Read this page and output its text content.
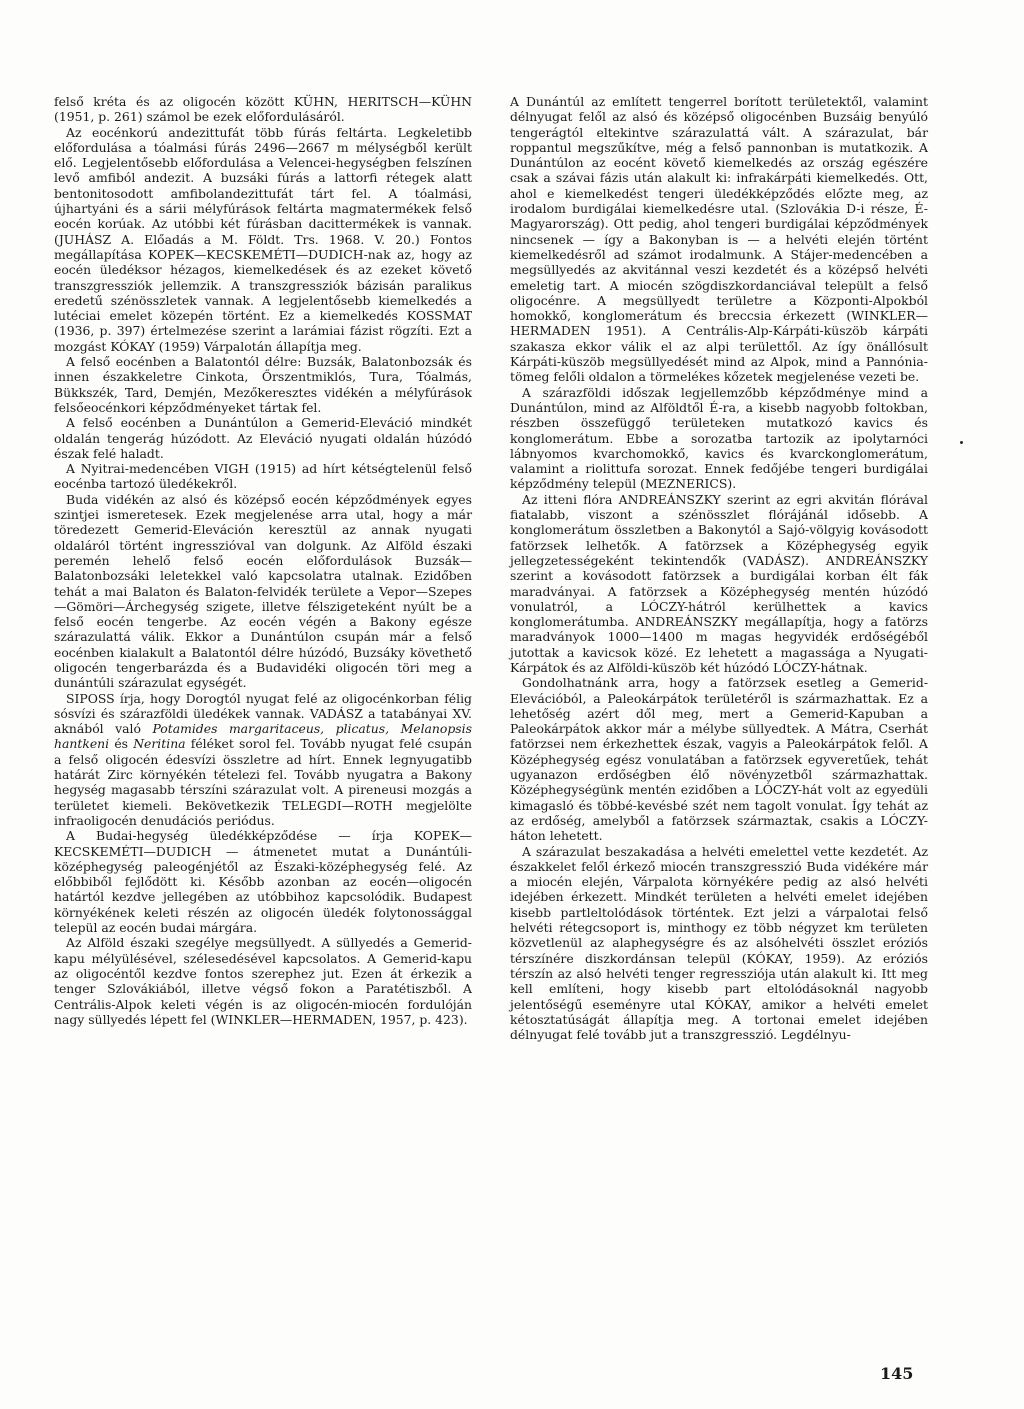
felső kréta és az oligocén között KÜHN, HERITSCH—KÜHN (1951, p. 261) számol be ezek előfordulásáról.

Az eocénkorú andezittufát több fúrás feltárta. Legkeletibb előfordulása a tóalmási fúrás 2496—2667 m mélységből került elő. Legjelentősebb előfordulása a Velencei-hegységben felszínen levő amfiból andezit. A buzsáki fúrás a lattorfi rétegek alatt bentonitosodott amfibolandezittufát tárt fel. A tóalmási, újhartyáni és a sárii mélyfúrások feltárta magmatermékek felső eocén korúak. Az utóbbi két fúrásban dacittermékek is vannak. (JUHÁSZ A. Előadás a M. Földt. Trs. 1968. V. 20.) Fontos megállapítása KOPEK—KECSKEMÉTI—DUDICH-nak az, hogy az eocén üledéksor hézagos, kiemelkedések és az ezeket követő transzgressziók jellemzik. A transzgressziók bázisán paralikus eredetű szénösszletek vannak. A legjelentősebb kiemelkedés a lutéciai emelet közepén történt. Ez a kiemelkedés KOSSMAT (1936, p. 397) értelmezése szerint a larámiai fázist rögzíti. Ezt a mozgást KÓKAY (1959) Várpalotán állapítja meg.

A felső eocénben a Balatontól délre: Buzsák, Balatonbozsák és innen északkeletre Cinkota, Őrszentmiklós, Tura, Tóalmás, Bükkszék, Tard, Demjén, Mezőkeresztes vidékén a mélyfúrások felsőeocénkori képződményeket tártak fel.

A felső eocénben a Dunántúlon a Gemerid-Eleváció mindkét oldalán tengerág húzódott. Az Eleváció nyugati oldalán húzódó észak felé haladt.

A Nyitrai-medencében VIGH (1915) ad hírt kétségtelenül felső eocénba tartozó üledékekről.

Buda vidékén az alsó és középső eocén képződmények egyes szintjei ismeretesek. Ezek megjelenése arra utal, hogy a már töredezett Gemerid-Eleváción keresztül az annak nyugati oldaláról történt ingresszióval van dolgunk. Az Alföld északi peremén lehelő felső eocén előfordulások Buzsák—Balatonbozsáki leletekkel való kapcsolatra utalnak. Ezidőben tehát a mai Balaton és Balaton-felvidék területe a Vepor—Szepes—Gömöri—Árchegység szigete, illetve félszigeteként nyúlt be a felső eocén tengerbe. Az eocén végén a Bakony egésze szárazulattá válik. Ekkor a Dunántúlon csupán már a felső eocénben kialakult a Balatontól délre húzódó, Buzsáky követhető oligocén tengerbarázda és a Budavidéki oligocén töri meg a dunántúli szárazulat egységét.

SIPOSS írja, hogy Dorogtól nyugat felé az oligocénkorban félig sósvízi és szárazföldi üledékek vannak. VADÁSZ a tatabányai XV. aknából való Potamides margaritaceus, plicatus, Melanopsis hantkeni és Neritina féléket sorol fel. Tovább nyugat felé csupán a felső oligocén édesvízi összletre ad hírt. Ennek legnyugatibb határát Zirc környékén tételezi fel. Tovább nyugatra a Bakony hegység magasabb térszíni szárazulat volt. A pireneusi mozgás a területet kiemeli. Bekövetkezik TELEGDI—ROTH megjelölte infraoligocén denudációs periódus.

A Budai-hegység üledékképződése — írja KOPEK—KECSKEMÉTI—DUDICH — átmenetet mutat a Dunántúli-középhegység paleogénjétől az Északi-középhegység felé. Az előbbiből fejlődött ki. Később azonban az eocén—oligocén határtól kezdve jellegében az utóbbihoz kapcsolódik. Budapest környékének keleti részén az oligocén üledék folytonossággal települ az eocén budai márgára.

Az Alföld északi szegélye megsüllyedt. A süllyedés a Gemerid-kapu mélyülésével, szélesedésével kapcsolatos. A Gemerid-kapu az oligocéntől kezdve fontos szerephez jut. Ezen át érkezik a tenger Szlovákiából, illetve végső fokon a Paratétiszből. A Centrális-Alpok keleti végén is az oligocén-miocén fordulóján nagy süllyedés lépett fel (WINKLER—HERMADEN, 1957, p. 423).

A Dunántúl az említett tengerrel borított területektől, valamint délnyugat felől az alsó és középső oligocénben Buzsáig benyúló tengerágtól eltekintve szárazulattá vált. A szárazulat, bár roppantul megszűkítve, még a felső pannonban is mutatkozik. A Dunántúlon az eocént követő kiemelkedés az ország egészére csak a szávai fázis után alakult ki: infrakárpáti kiemelkedés. Ott, ahol e kiemelkedést tengeri üledékképződés előzte meg, az irodalom burdigálai kiemelkedésre utal. (Szlovákia D-i része, É-Magyarország). Ott pedig, ahol tengeri burdigálai képződmények nincsenek — így a Bakonyban is — a helvéti elején történt kiemelkedésről ad számot irodalmunk. A Stájer-medencében a megsüllyedés az akvitánnal veszi kezdetét és a középső helvéti emeletig tart. A miocén szögdiszkordanciával települt a felső oligocénre. A megsüllyedt területre a Központi-Alpokból homokkő, konglomerátum és breccsia érkezett (WINKLER—HERMADEN 1951). A Centrális-Alp-Kárpáti-küszöb kárpáti szakasza ekkor válik el az alpi területtől. Az így önállósult Kárpáti-küszöb megsüllyedését mind az Alpok, mind a Pannónia-tömeg felőli oldalon a törmelékes kőzetek megjelenése vezeti be.

A szárazföldi időszak legjellemzőbb képződménye mind a Dunántúlon, mind az Alföldtől É-ra, a kisebb nagyobb foltokban, részben összefüggő területeken mutatkozó kavics és konglomerátum. Ebbe a sorozatba tartozik az ipolytarnóci lábnyomos kvarchomokkő, kavics és kvarckonglomerátum, valamint a riolittufa sorozat. Ennek fedőjébe tengeri burdigálai képződmény települ (MEZNERICS).

Az itteni flóra ANDREÁNSZKY szerint az egri akvitán flórával fiatalabb, viszont a szénösszlet flórájánál idősebb. A konglomerátum összletben a Bakonytól a Sajó-völgyig kovásodott fatörzsek lelhetők. A fatörzsek a Középhegység egyik jellegzetességeként tekintendők (VADÁSZ). ANDREÁNSZKY szerint a kovásodott fatörzsek a burdigálai korban élt fák maradványai. A fatörzsek a Középhegység mentén húzódó vonulatról, a LÓCZY-hátról kerülhettek a kavics konglomerátumba. ANDREÁNSZKY megállapítja, hogy a fatörzs maradványok 1000—1400 m magas hegyvidék erdőségéből jutottak a kavicsok közé. Ez lehetett a magassága a Nyugati-Kárpátok és az Alföldi-küszöb két húzódó LÓCZY-hátnak.

Gondolhatnánk arra, hogy a fatörzsek esetleg a Gemerid-Elevációból, a Paleokárpátok területéről is származhattak. Ez a lehetőség azért dől meg, mert a Gemerid-Kapuban a Paleokárpátok akkor már a mélybe süllyedtek. A Mátra, Cserhát fatörzsei nem érkezhettek észak, vagyis a Paleokárpátok felől. A Középhegység egész vonulatában a fatörzsek egyveretűek, tehát ugyanazon erdőségben élő növényzetből származhattak. Középhegységünk mentén ezidőben a LÓCZY-hát volt az egyedüli kimagasló és többé-kevésbé szét nem tagolt vonulat. Így tehát az az erdőség, amelyből a fatörzsek származtak, csakis a LÓCZY-háton lehetett.

A szárazulat beszakadása a helvéti emelettel vette kezdetét. Az északkelet felől érkező miocén transzgresszió Buda vidékére már a miocén elején, Várpalota környékére pedig az alsó helvéti idejében érkezett. Mindkét területen a helvéti emelet idejében kisebb partleltolódások történtek. Ezt jelzi a várpalotai felső helvéti rétegcsoport is, minthogy ez több négyzet km területen közvetlenül az alaphegységre és az alsóhelvéti összlet eróziós térszínére diszkordánsan települ (KÓKAY, 1959). Az eróziós térszín az alsó helvéti tenger regressziója után alakult ki. Itt meg kell említeni, hogy kisebb part eltolódásoknál nagyobb jelentőségű eseményre utal KÓKAY, amikor a helvéti emelet kétosztatúságát állapítja meg. A tortonai emelet idejében délnyugat felé tovább jut a transzgresszió. Legdélnyu-

145
